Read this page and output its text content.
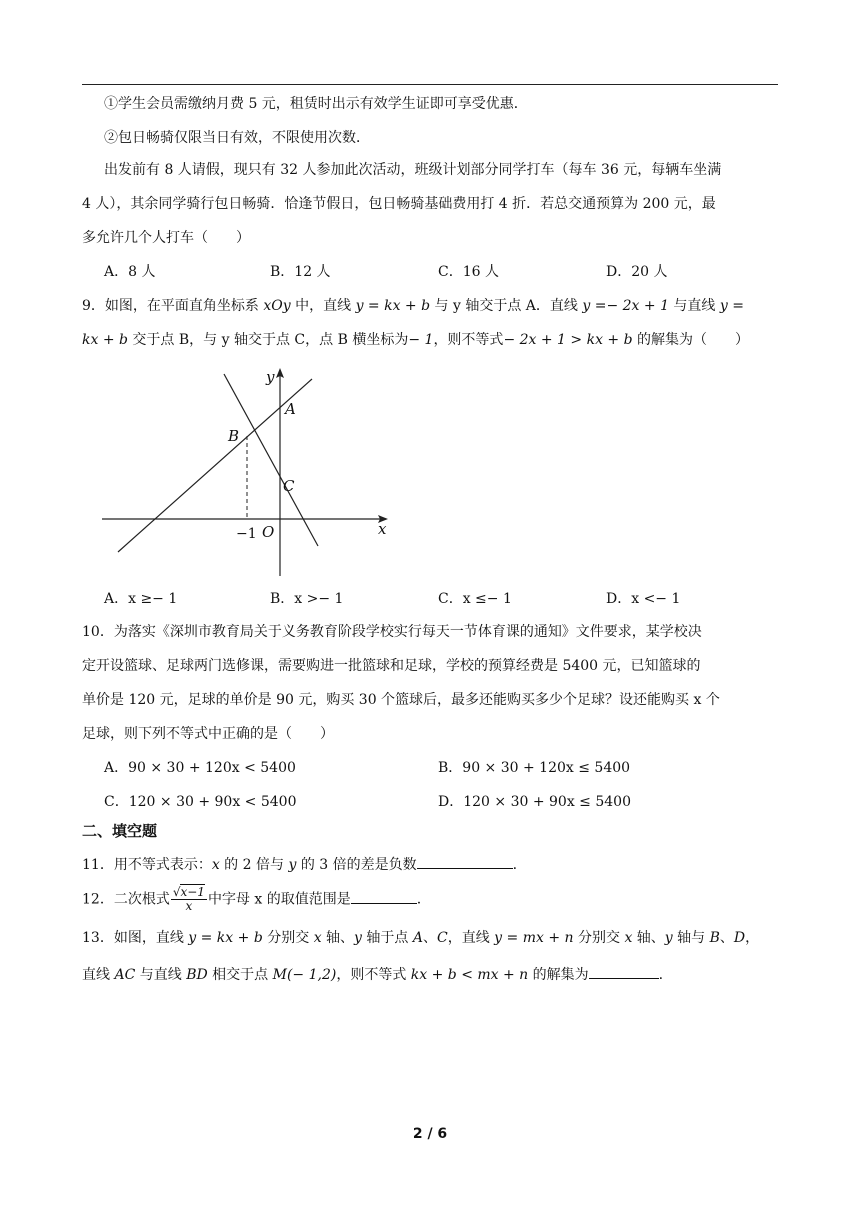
①学生会员需缴纳月费 5 元，租赁时出示有效学生证即可享受优惠．
②包日畅骑仅限当日有效，不限使用次数．
出发前有 8 人请假，现只有 32 人参加此次活动，班级计划部分同学打车（每车 36 元，每辆车坐满
4 人），其余同学骑行包日畅骑．恰逢节假日，包日畅骑基础费用打 4 折．若总交通预算为 200 元，最
多允许几个人打车（　　）
A．8 人	B．12 人	C．16 人	D．20 人
9．如图，在平面直角坐标系 xOy 中，直线 y = kx + b 与 y 轴交于点 A．直线 y =− 2x + 1 与直线 y =
kx + b 交于点 B，与 y 轴交于点 C，点 B 横坐标为− 1，则不等式− 2x + 1 > kx + b 的解集为（　　）
y
x
A
B
C
O
−1
A．x ≥− 1	B．x >− 1	C．x ≤− 1	D．x <− 1
10．为落实《深圳市教育局关于义务教育阶段学校实行每天一节体育课的通知》文件要求，某学校决
定开设篮球、足球两门选修课，需要购进一批篮球和足球，学校的预算经费是 5400 元，已知篮球的
单价是 120 元，足球的单价是 90 元，购买 30 个篮球后，最多还能购买多少个足球？设还能购买 x 个
足球，则下列不等式中正确的是（　　）
A．90 × 30 + 120x < 5400	B．90 × 30 + 120x ≤ 5400
C．120 × 30 + 90x < 5400	D．120 × 30 + 90x ≤ 5400
二、填空题
11．用不等式表示：x 的 2 倍与 y 的 3 倍的差是负数	.
12．二次根式 $\frac{√x-1}{x}$ 中字母 x 的取值范围是	.
13．如图，直线 y = kx + b 分别交 x 轴、y 轴于点 A、C，直线 y = mx + n 分别交 x 轴、y 轴与 B、D，
直线 AC 与直线 BD 相交于点 M(− 1,2)，则不等式 kx + b < mx + n 的解集为	.
2 / 6
